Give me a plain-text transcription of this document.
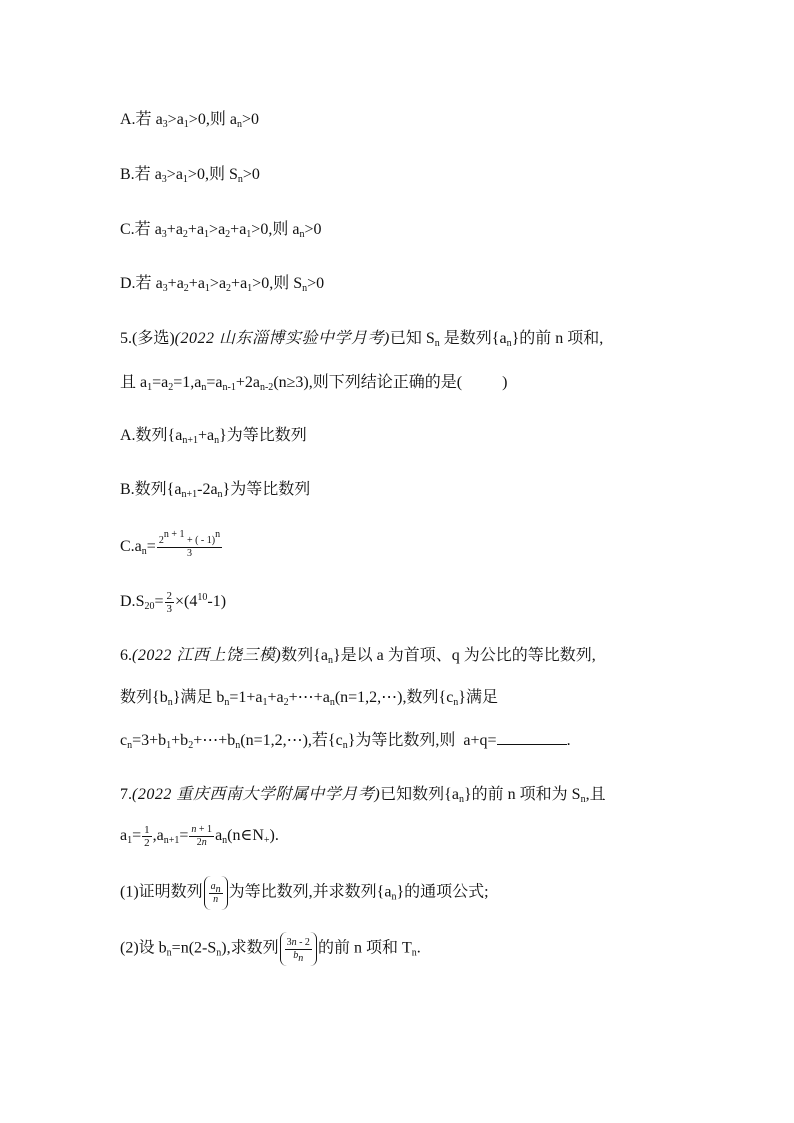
A.若 $a_3>a_1>0$,则 $a_n>0$
B.若 $a_3>a_1>0$,则 $S_n>0$
C.若 $a_3+a_2+a_1>a_2+a_1>0$,则 $a_n>0$
D.若 $a_3+a_2+a_1>a_2+a_1>0$,则 $S_n>0$
5.(多选)(2022 山东淄博实验中学月考)已知 $S_n$ 是数列$\{a_n\}$的前 n 项和,
且 $a_1=a_2=1,a_n=a_{n-1}+2a_{n-2}(n\ge 3)$,则下列结论正确的是(	)
A.数列$\{a_{n+1}+a_n\}$为等比数列
B.数列$\{a_{n+1}-2a_n\}$为等比数列
$C.a_n= \frac{2^{n + 1} + ( - 1)^n}{3}$
$D.S_{20}= \frac{2}{3} \times(4^{10}-1)$
6.(2022 江西上饶三模)数列$\{a_n\}$是以 a 为首项、q 为公比的等比数列,
数列$\{b_n\}$满足 $b_n=1+a_1+a_2+\cdots+a_n(n=1,2,\cdots)$,数列$\{c_n\}$满足
$c_n=3+b_1+b_2+\cdots+b_n(n=1,2,\cdots)$,若$\{c_n\}$为等比数列,则 a+q=	.
7.(2022 重庆西南大学附属中学月考)已知数列$\{a_n\}$的前 n 项和为 $S_n$,且
$a_1= \frac{1}{2} ,a_{n+1}= \frac{n + 1}{2n}$ $a_n(n\in N_+)$.
(1)证明数列 $\frac{a_n}{n}$ 为等比数列,并求数列$\{a_n\}$的通项公式;
(2)设 $b_n=n(2-S_n)$,求数列 $\frac{3n - 2}{b_n}$ 的前 n 项和 $T_n$.
